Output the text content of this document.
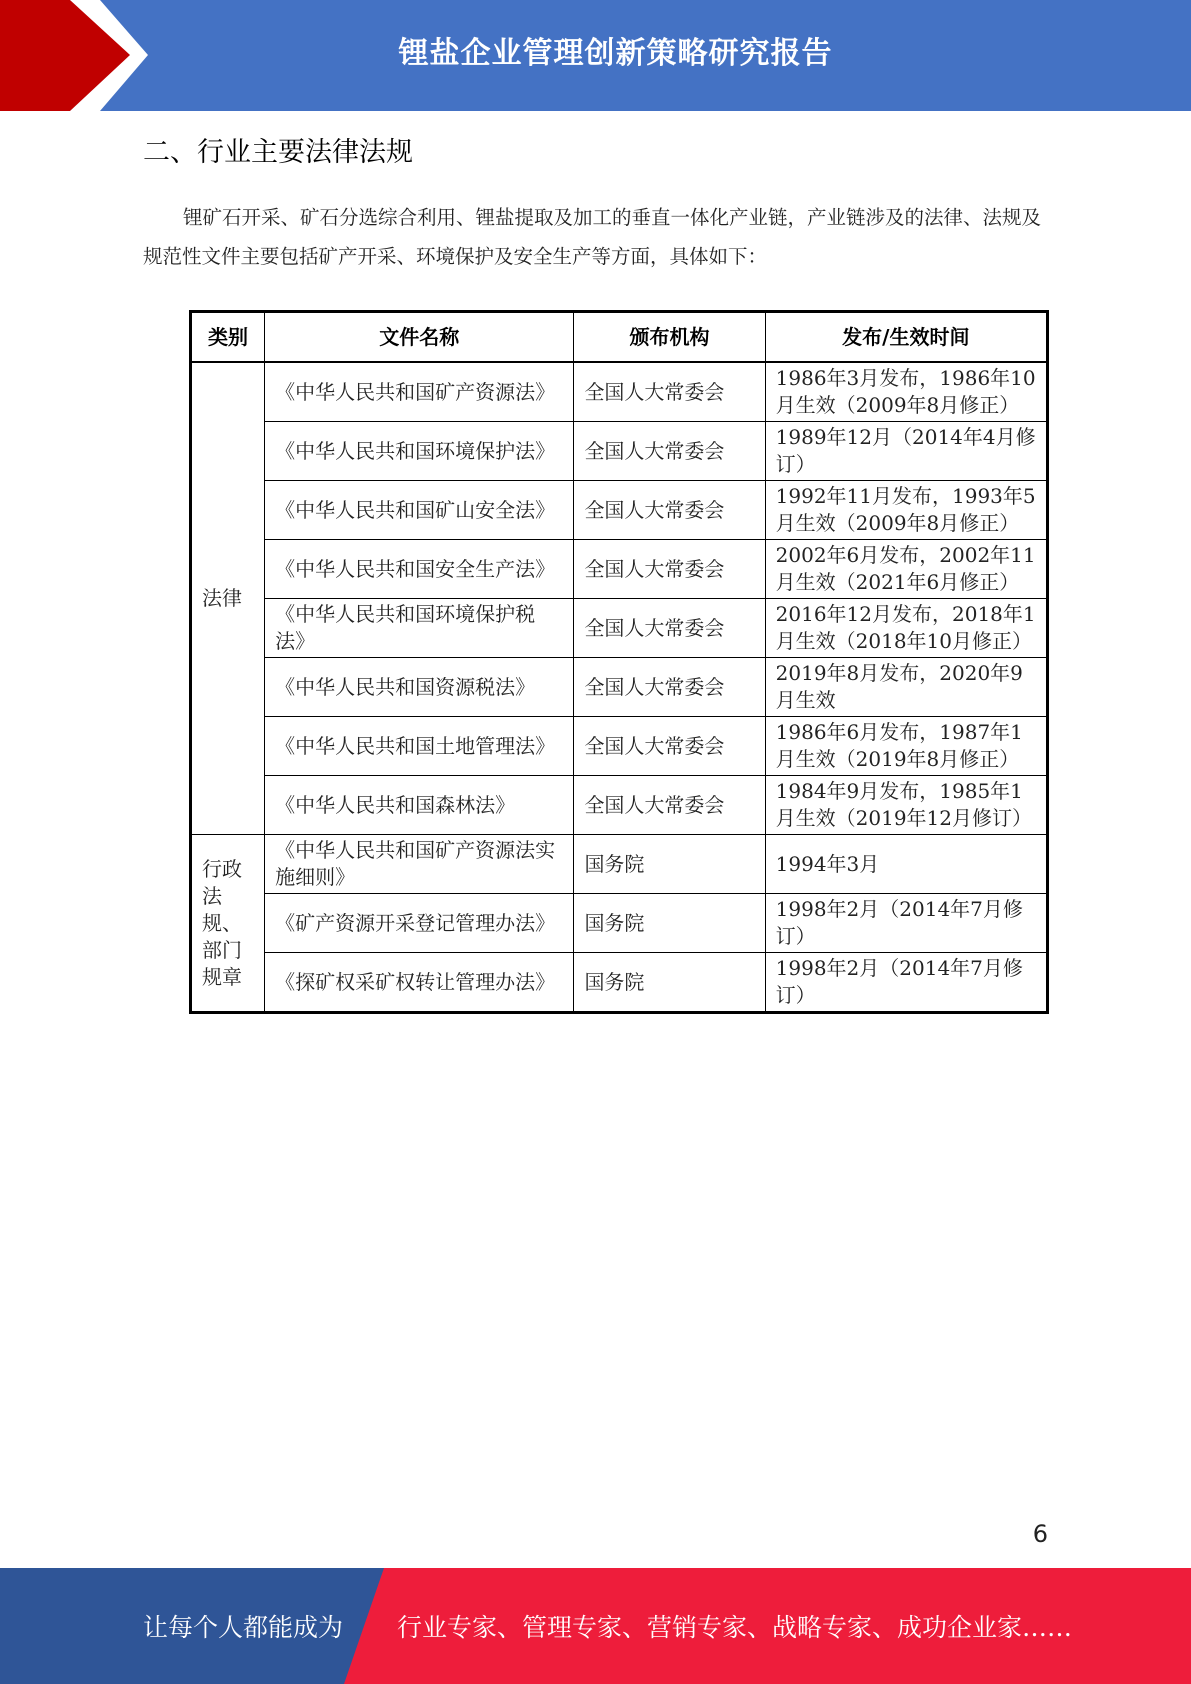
锂盐企业管理创新策略研究报告
二、行业主要法律法规
锂矿石开采、矿石分选综合利用、锂盐提取及加工的垂直一体化产业链，产业链涉及的法律、法规及规范性文件主要包括矿产开采、环境保护及安全生产等方面，具体如下：
类别	文件名称	颁布机构	发布/生效时间
法律	《中华人民共和国矿产资源法》	全国人大常委会	1986年3月发布，1986年10月生效（2009年8月修正）
	《中华人民共和国环境保护法》	全国人大常委会	1989年12月（2014年4月修订）
	《中华人民共和国矿山安全法》	全国人大常委会	1992年11月发布，1993年5月生效（2009年8月修正）
	《中华人民共和国安全生产法》	全国人大常委会	2002年6月发布，2002年11月生效（2021年6月修正）
	《中华人民共和国环境保护税法》	全国人大常委会	2016年12月发布，2018年1月生效（2018年10月修正）
	《中华人民共和国资源税法》	全国人大常委会	2019年8月发布，2020年9月生效
	《中华人民共和国土地管理法》	全国人大常委会	1986年6月发布，1987年1月生效（2019年8月修正）
	《中华人民共和国森林法》	全国人大常委会	1984年9月发布，1985年1月生效（2019年12月修订）
行政法规、部门规章	《中华人民共和国矿产资源法实施细则》	国务院	1994年3月
	《矿产资源开采登记管理办法》	国务院	1998年2月（2014年7月修订）
	《探矿权采矿权转让管理办法》	国务院	1998年2月（2014年7月修订）
6
让每个人都能成为 行业专家、管理专家、营销专家、战略专家、成功企业家……
